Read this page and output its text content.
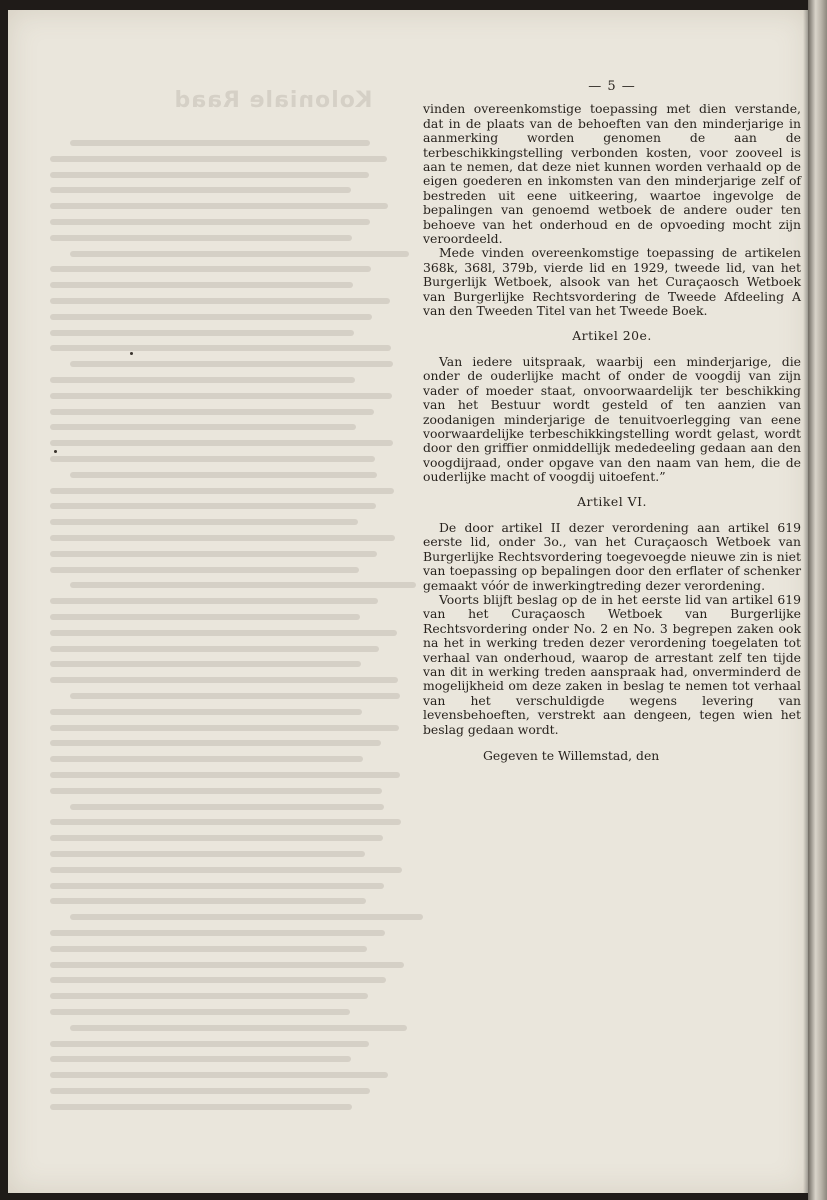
Koloniale Raad
— 5 —

vinden overeenkomstige toepassing met dien verstande, dat in de plaats van de behoeften van den minderjarige in aanmerking worden genomen de aan de terbeschikkingstelling verbonden kosten, voor zooveel is aan te nemen, dat deze niet kunnen worden verhaald op de eigen goederen en inkomsten van den minderjarige zelf of bestreden uit eene uitkeering, waartoe ingevolge de bepalingen van genoemd wetboek de andere ouder ten behoeve van het onderhoud en de opvoeding mocht zijn veroordeeld.

Mede vinden overeenkomstige toepassing de artikelen 368k, 368l, 379b, vierde lid en 1929, tweede lid, van het Burgerlijk Wetboek, alsook van het Curaçaosch Wetboek van Burgerlijke Rechtsvordering de Tweede Afdeeling A van den Tweeden Titel van het Tweede Boek.

Artikel 20e.

Van iedere uitspraak, waarbij een minderjarige, die onder de ouderlijke macht of onder de voogdij van zijn vader of moeder staat, onvoorwaardelijk ter beschikking van het Bestuur wordt gesteld of ten aanzien van zoodanigen minderjarige de tenuitvoerlegging van eene voorwaardelijke terbeschikkingstelling wordt gelast, wordt door den griffier onmiddellijk mededeeling gedaan aan den voogdijraad, onder opgave van den naam van hem, die de ouderlijke macht of voogdij uitoefent.”

Artikel VI.

De door artikel II dezer verordening aan artikel 619 eerste lid, onder 3o., van het Curaçaosch Wetboek van Burgerlijke Rechtsvordering toegevoegde nieuwe zin is niet van toepassing op bepalingen door den erflater of schenker gemaakt vóór de inwerkingtreding dezer verordening.

Voorts blijft beslag op de in het eerste lid van artikel 619 van het Curaçaosch Wetboek van Burgerlijke Rechtsvordering onder No. 2 en No. 3 begrepen zaken ook na het in werking treden dezer verordening toegelaten tot verhaal van onderhoud, waarop de arrestant zelf ten tijde van dit in werking treden aanspraak had, onverminderd de mogelijkheid om deze zaken in beslag te nemen tot verhaal van het verschuldigde wegens levering van levensbehoeften, verstrekt aan dengeen, tegen wien het beslag gedaan wordt.

Gegeven te Willemstad, den
